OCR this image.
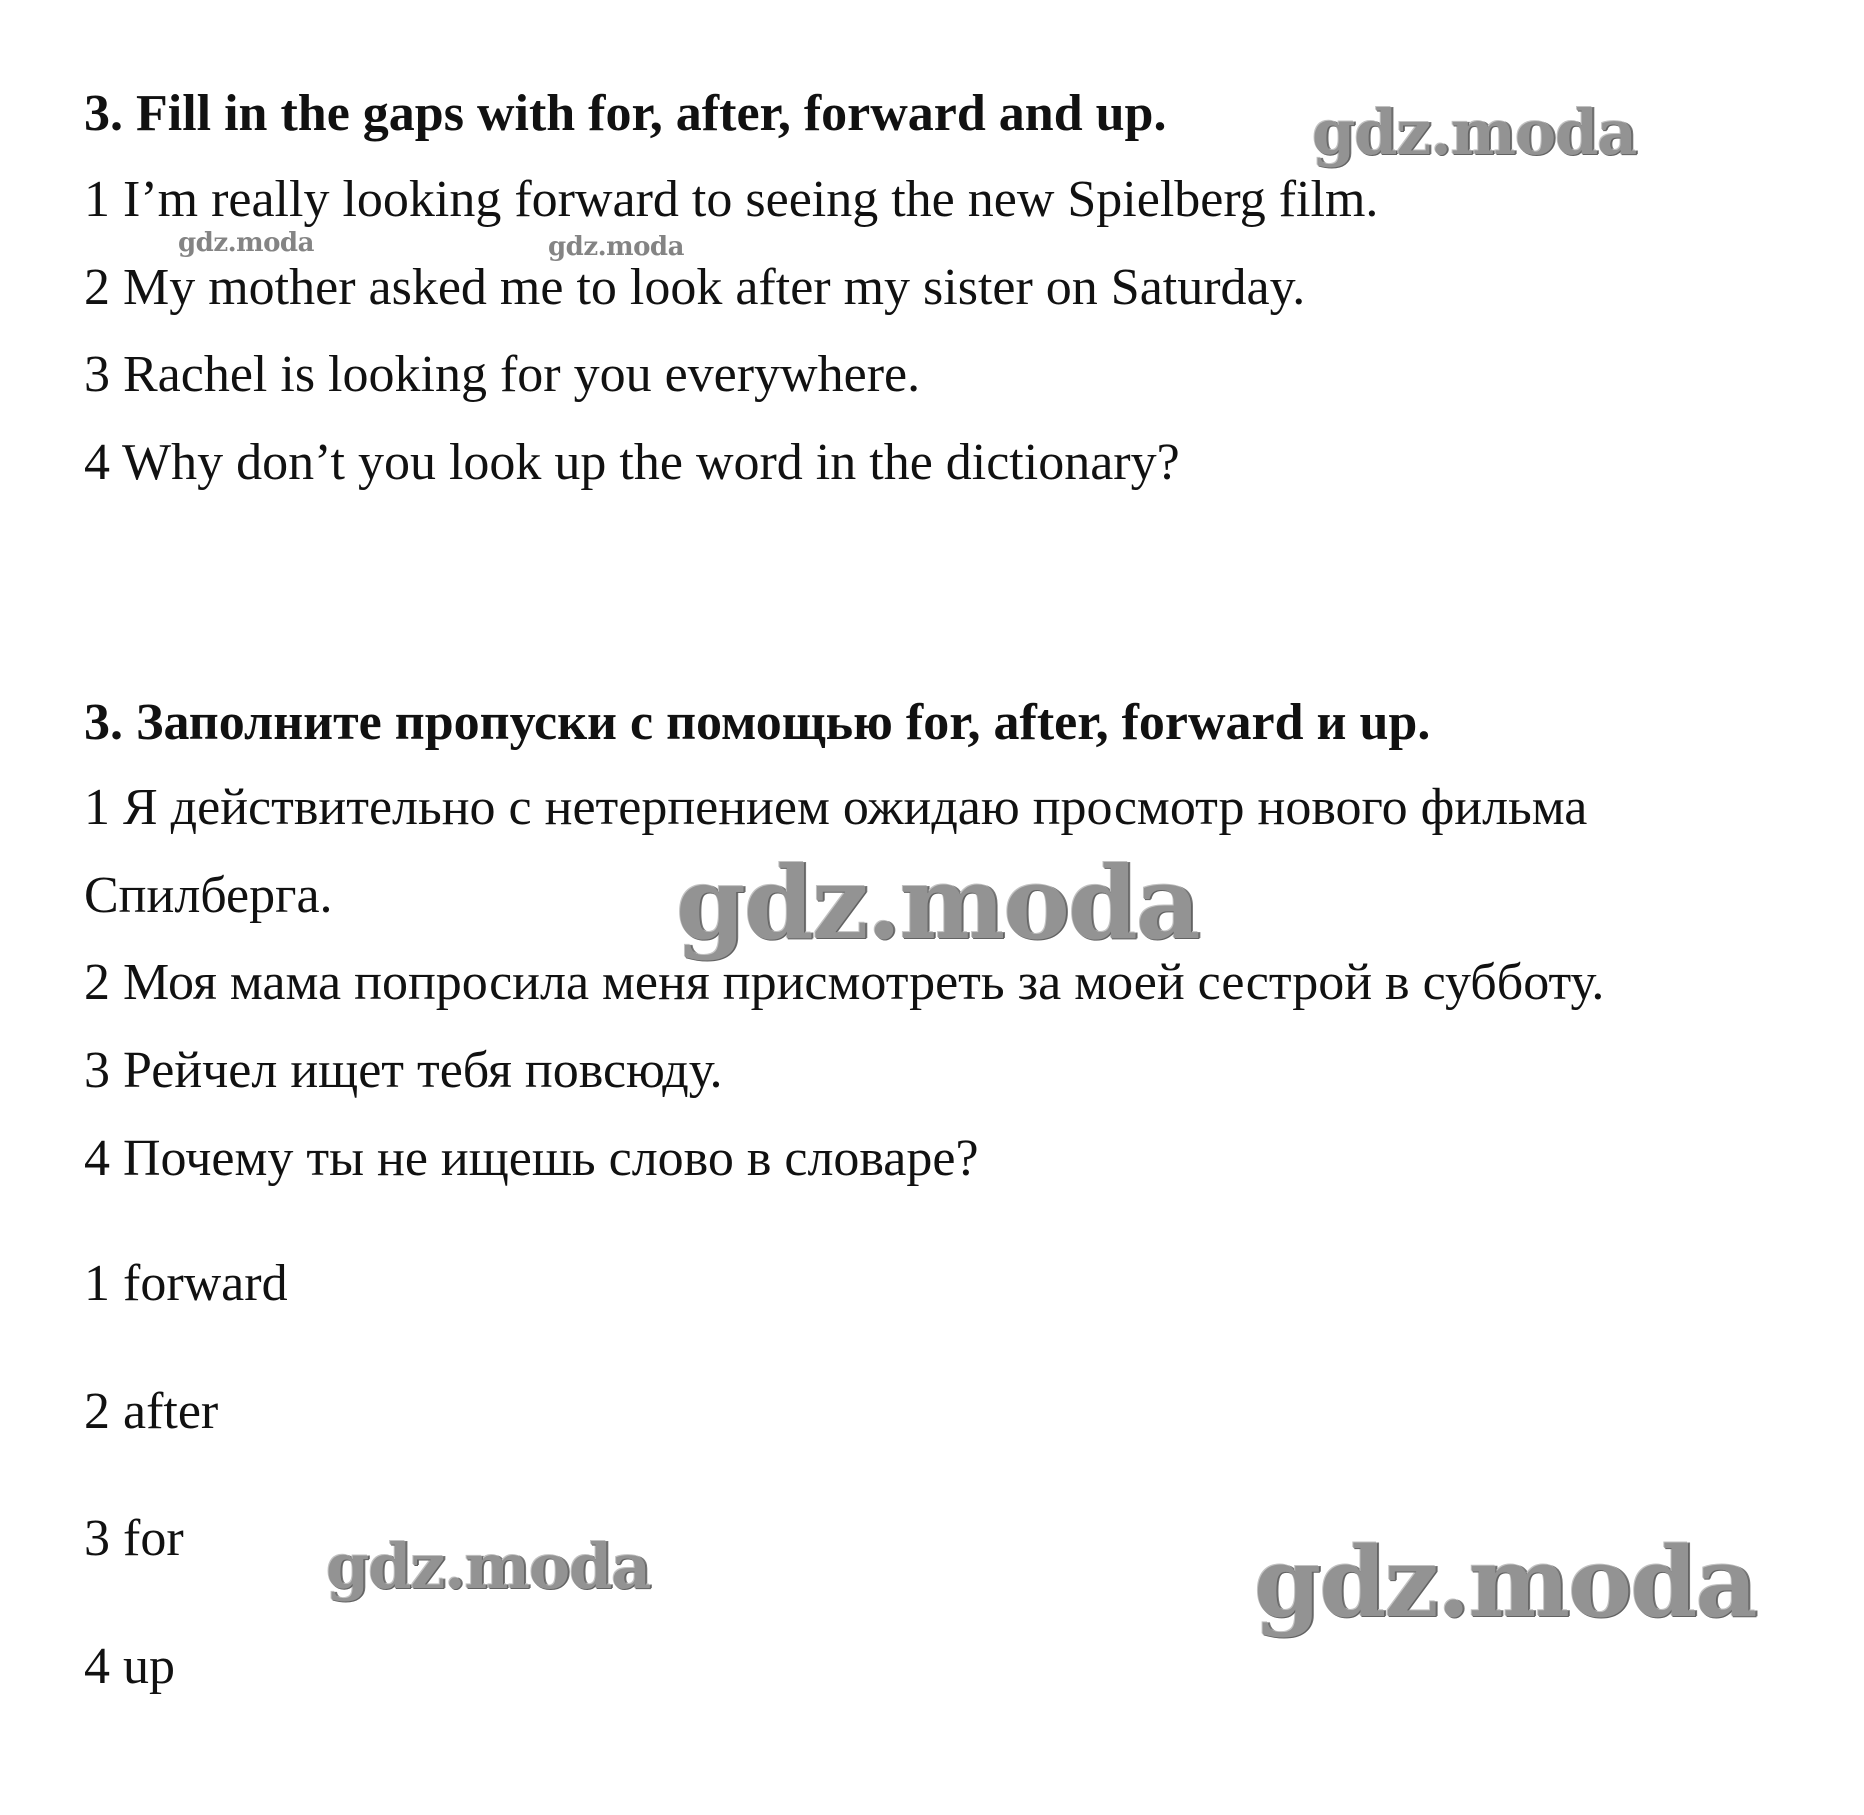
3. Fill in the gaps with for, after, forward and up.
1 I’m really looking forward to seeing the new Spielberg film.
2 My mother asked me to look after my sister on Saturday.
3 Rachel is looking for you everywhere.
4 Why don’t you look up the word in the dictionary?
3. Заполните пропуски с помощью for, after, forward и up.
1 Я действительно с нетерпением ожидаю просмотр нового фильма
Спилберга.
2 Моя мама попросила меня присмотреть за моей сестрой в субботу.
3 Рейчел ищет тебя повсюду.
4 Почему ты не ищешь слово в словаре?
1 forward
2 after
3 for
4 up
gdz.moda
gdz.moda	gdz.moda
gdz.moda
gdz.moda	gdz.moda
